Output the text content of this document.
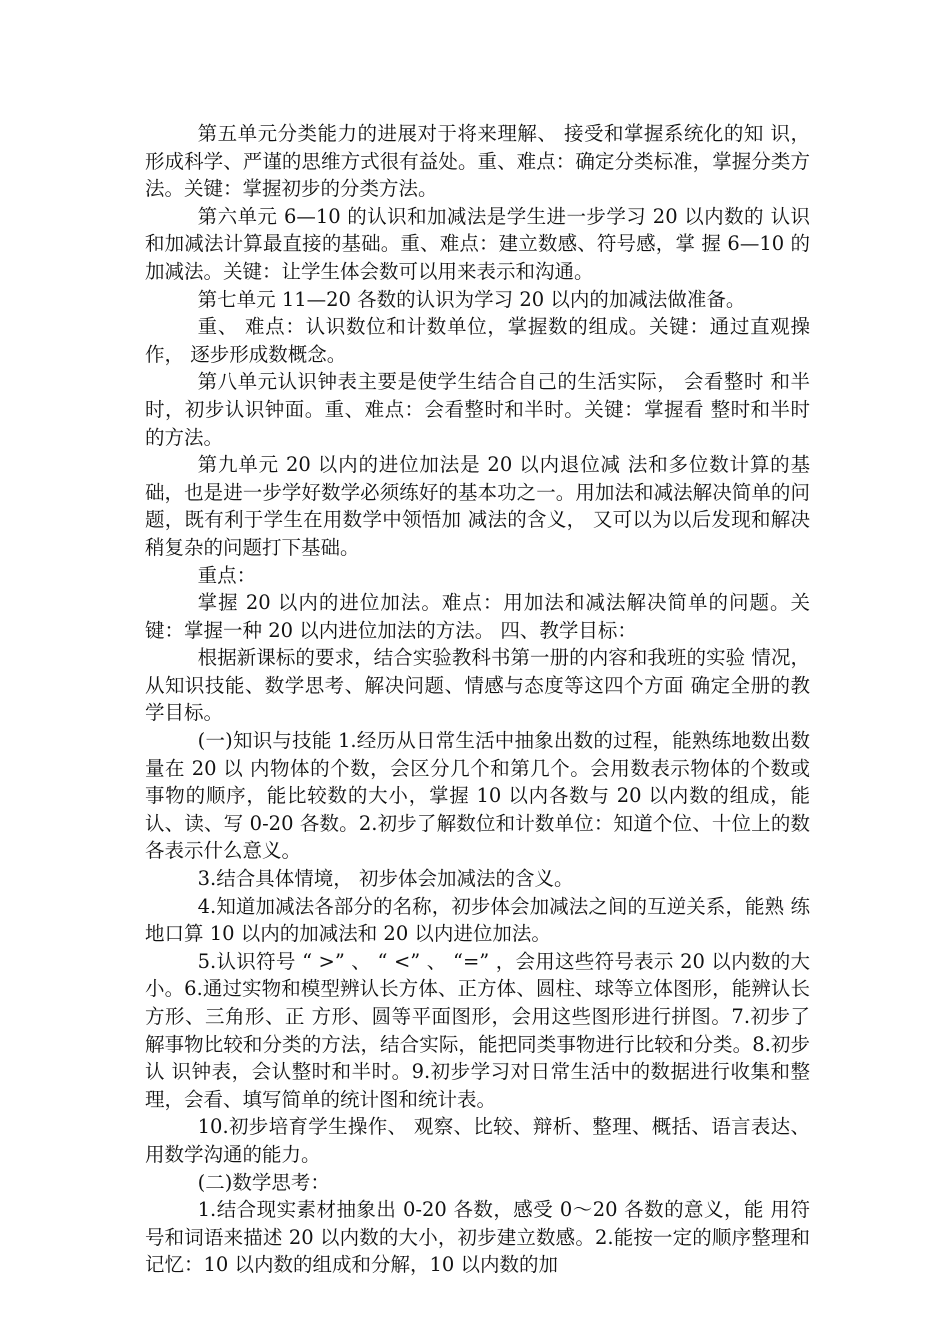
第五单元分类能力的进展对于将来理解、 接受和掌握系统化的知 识，形成科学、严谨的思维方式很有益处。重、难点：确定分类标准，掌握分类方法。关键：掌握初步的分类方法。

第六单元 6—10 的认识和加减法是学生进一步学习 20 以内数的 认识和加减法计算最直接的基础。重、难点：建立数感、符号感，掌 握 6—10 的加减法。关键：让学生体会数可以用来表示和沟通。

第七单元 11—20 各数的认识为学习 20 以内的加减法做准备。

重、 难点：认识数位和计数单位，掌握数的组成。关键：通过直观操作， 逐步形成数概念。

第八单元认识钟表主要是使学生结合自己的生活实际， 会看整时 和半时，初步认识钟面。重、难点：会看整时和半时。关键：掌握看 整时和半时的方法。

第九单元 20 以内的进位加法是 20 以内退位减 法和多位数计算的基础，也是进一步学好数学必须练好的基本功之一。用加法和减法解决简单的问题，既有利于学生在用数学中领悟加 减法的含义， 又可以为以后发现和解决稍复杂的问题打下基础。

重点：

掌握 20 以内的进位加法。难点：用加法和减法解决简单的问题。关 键：掌握一种 20 以内进位加法的方法。 四、教学目标：

根据新课标的要求，结合实验教科书第一册的内容和我班的实验 情况，从知识技能、数学思考、解决问题、情感与态度等这四个方面 确定全册的教学目标。

(一)知识与技能 1.经历从日常生活中抽象出数的过程，能熟练地数出数量在 20 以 内物体的个数，会区分几个和第几个。会用数表示物体的个数或事物的顺序，能比较数的大小，掌握 10 以内各数与 20 以内数的组成，能 认、读、写 0-20 各数。2.初步了解数位和计数单位：知道个位、十位上的数各表示什么意义。

3.结合具体情境， 初步体会加减法的含义。

4.知道加减法各部分的名称，初步体会加减法之间的互逆关系，能熟 练地口算 10 以内的加减法和 20 以内进位加法。

5.认识符号 “ >” 、 “ <” 、 “=” ，会用这些符号表示 20 以内数的大小。6.通过实物和模型辨认长方体、正方体、圆柱、球等立体图形，能辨认长方形、三角形、正 方形、圆等平面图形，会用这些图形进行拼图。7.初步了解事物比较和分类的方法，结合实际，能把同类事物进行比较和分类。8.初步认 识钟表，会认整时和半时。9.初步学习对日常生活中的数据进行收集和整理，会看、填写简单的统计图和统计表。

10.初步培育学生操作、 观察、比较、辩析、整理、概括、语言表达、用数学沟通的能力。

(二)数学思考：

1.结合现实素材抽象出 0-20 各数，感受 0～20 各数的意义，能 用符号和词语来描述 20 以内数的大小，初步建立数感。2.能按一定的顺序整理和记忆：10 以内数的组成和分解，10 以内数的加
